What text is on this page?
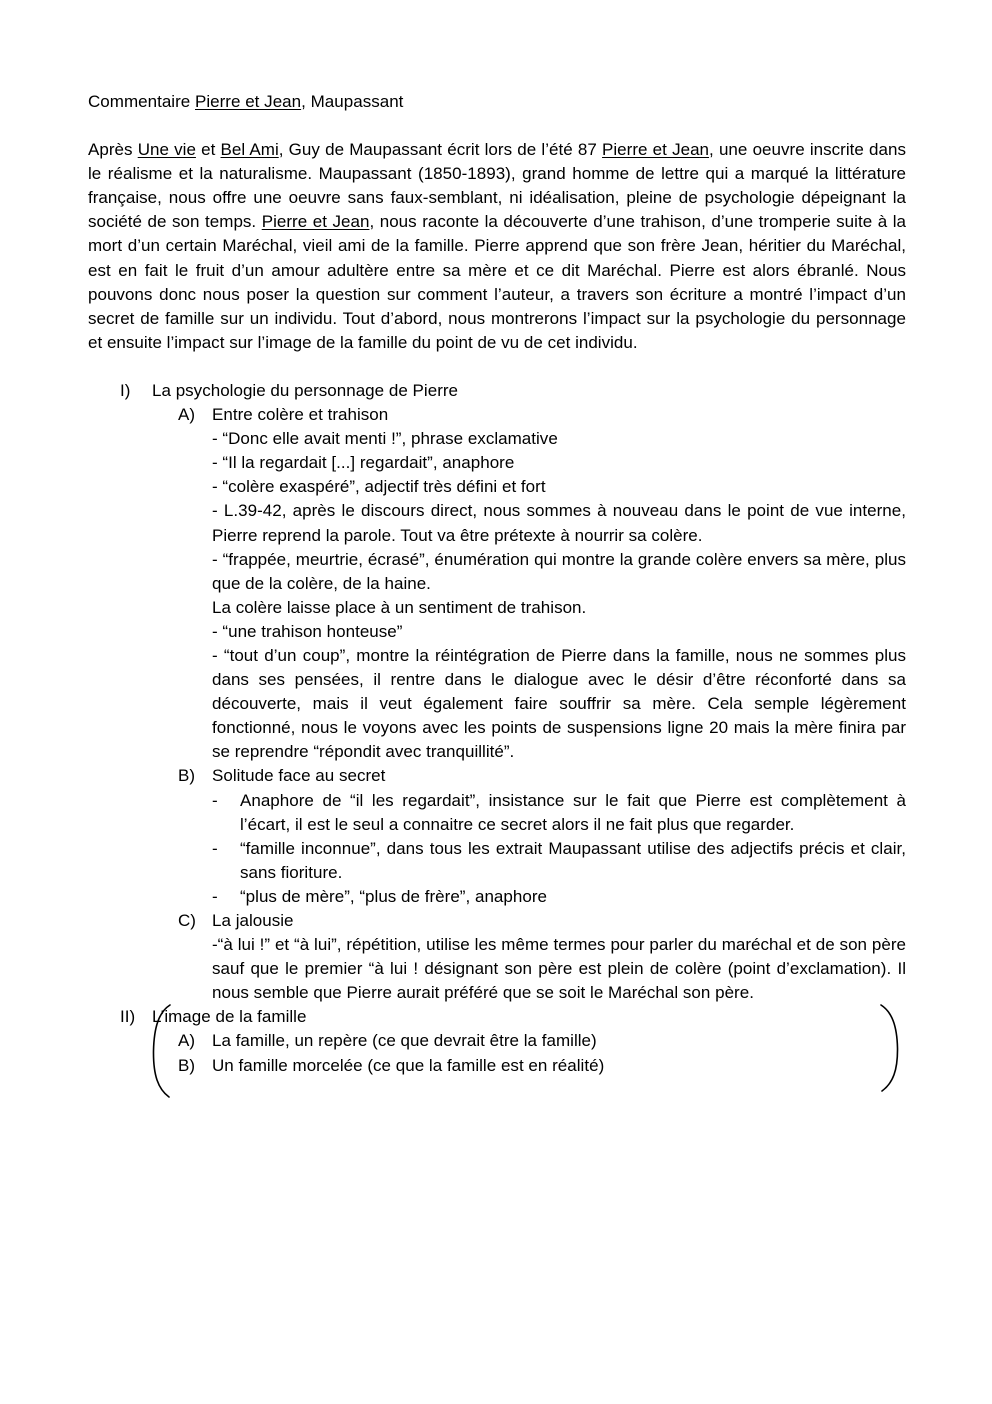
Commentaire Pierre et Jean, Maupassant

Après Une vie et Bel Ami, Guy de Maupassant écrit lors de l’été 87 Pierre et Jean, une oeuvre inscrite dans le réalisme et la naturalisme. Maupassant (1850-1893), grand homme de lettre qui a marqué la littérature française, nous offre une oeuvre sans faux-semblant, ni idéalisation, pleine de psychologie dépeignant la société de son temps. Pierre et Jean, nous raconte la découverte d’une trahison, d’une tromperie suite à la mort d’un certain Maréchal, vieil ami de la famille. Pierre apprend que son frère Jean, héritier du Maréchal, est en fait le fruit d’un amour adultère entre sa mère et ce dit Maréchal. Pierre est alors ébranlé. Nous pouvons donc nous poser la question sur comment l’auteur, a travers son écriture a montré l’impact d’un secret de famille sur un individu. Tout d’abord, nous montrerons l’impact sur la psychologie du personnage et ensuite l’impact sur l’image de la famille du point de vu de cet individu.

I)	La psychologie du personnage de Pierre
A) Entre colère et trahison
- “Donc elle avait menti !”, phrase exclamative
- “Il la regardait [...] regardait”, anaphore
- “colère exaspéré”, adjectif très défini et fort
- L.39-42, après le discours direct, nous sommes à nouveau dans le point de vue interne, Pierre reprend la parole. Tout va être prétexte à nourrir sa colère.
- “frappée, meurtrie, écrasé”, énumération qui montre la grande colère envers sa mère, plus que de la colère, de la haine.
La colère laisse place à un sentiment de trahison.
- “une trahison honteuse”
- “tout d’un coup”, montre la réintégration de Pierre dans la famille, nous ne sommes plus dans ses pensées, il rentre dans le dialogue avec le désir d’être réconforté dans sa découverte, mais il veut également faire souffrir sa mère. Cela semple légèrement fonctionné, nous le voyons avec les points de suspensions ligne 20 mais la mère finira par se reprendre “répondit avec tranquillité”.
B) Solitude face au secret
-	Anaphore de “il les regardait”, insistance sur le fait que Pierre est complètement à l’écart, il est le seul a connaitre ce secret alors il ne fait plus que regarder.
-	“famille inconnue”, dans tous les extrait Maupassant utilise des adjectifs précis et clair, sans fioriture.
-	“plus de mère”, “plus de frère”, anaphore
C) La jalousie
-“à lui !” et “à lui”, répétition, utilise les même termes pour parler du maréchal et de son père sauf que le premier “à lui ! désignant son père est plein de colère (point d’exclamation). Il nous semble que Pierre aurait préféré que se soit le Maréchal son père.
II) L’image de la famille
A) La famille, un repère (ce que devrait être la famille)
B) Un famille morcelée (ce que la famille est en réalité)
